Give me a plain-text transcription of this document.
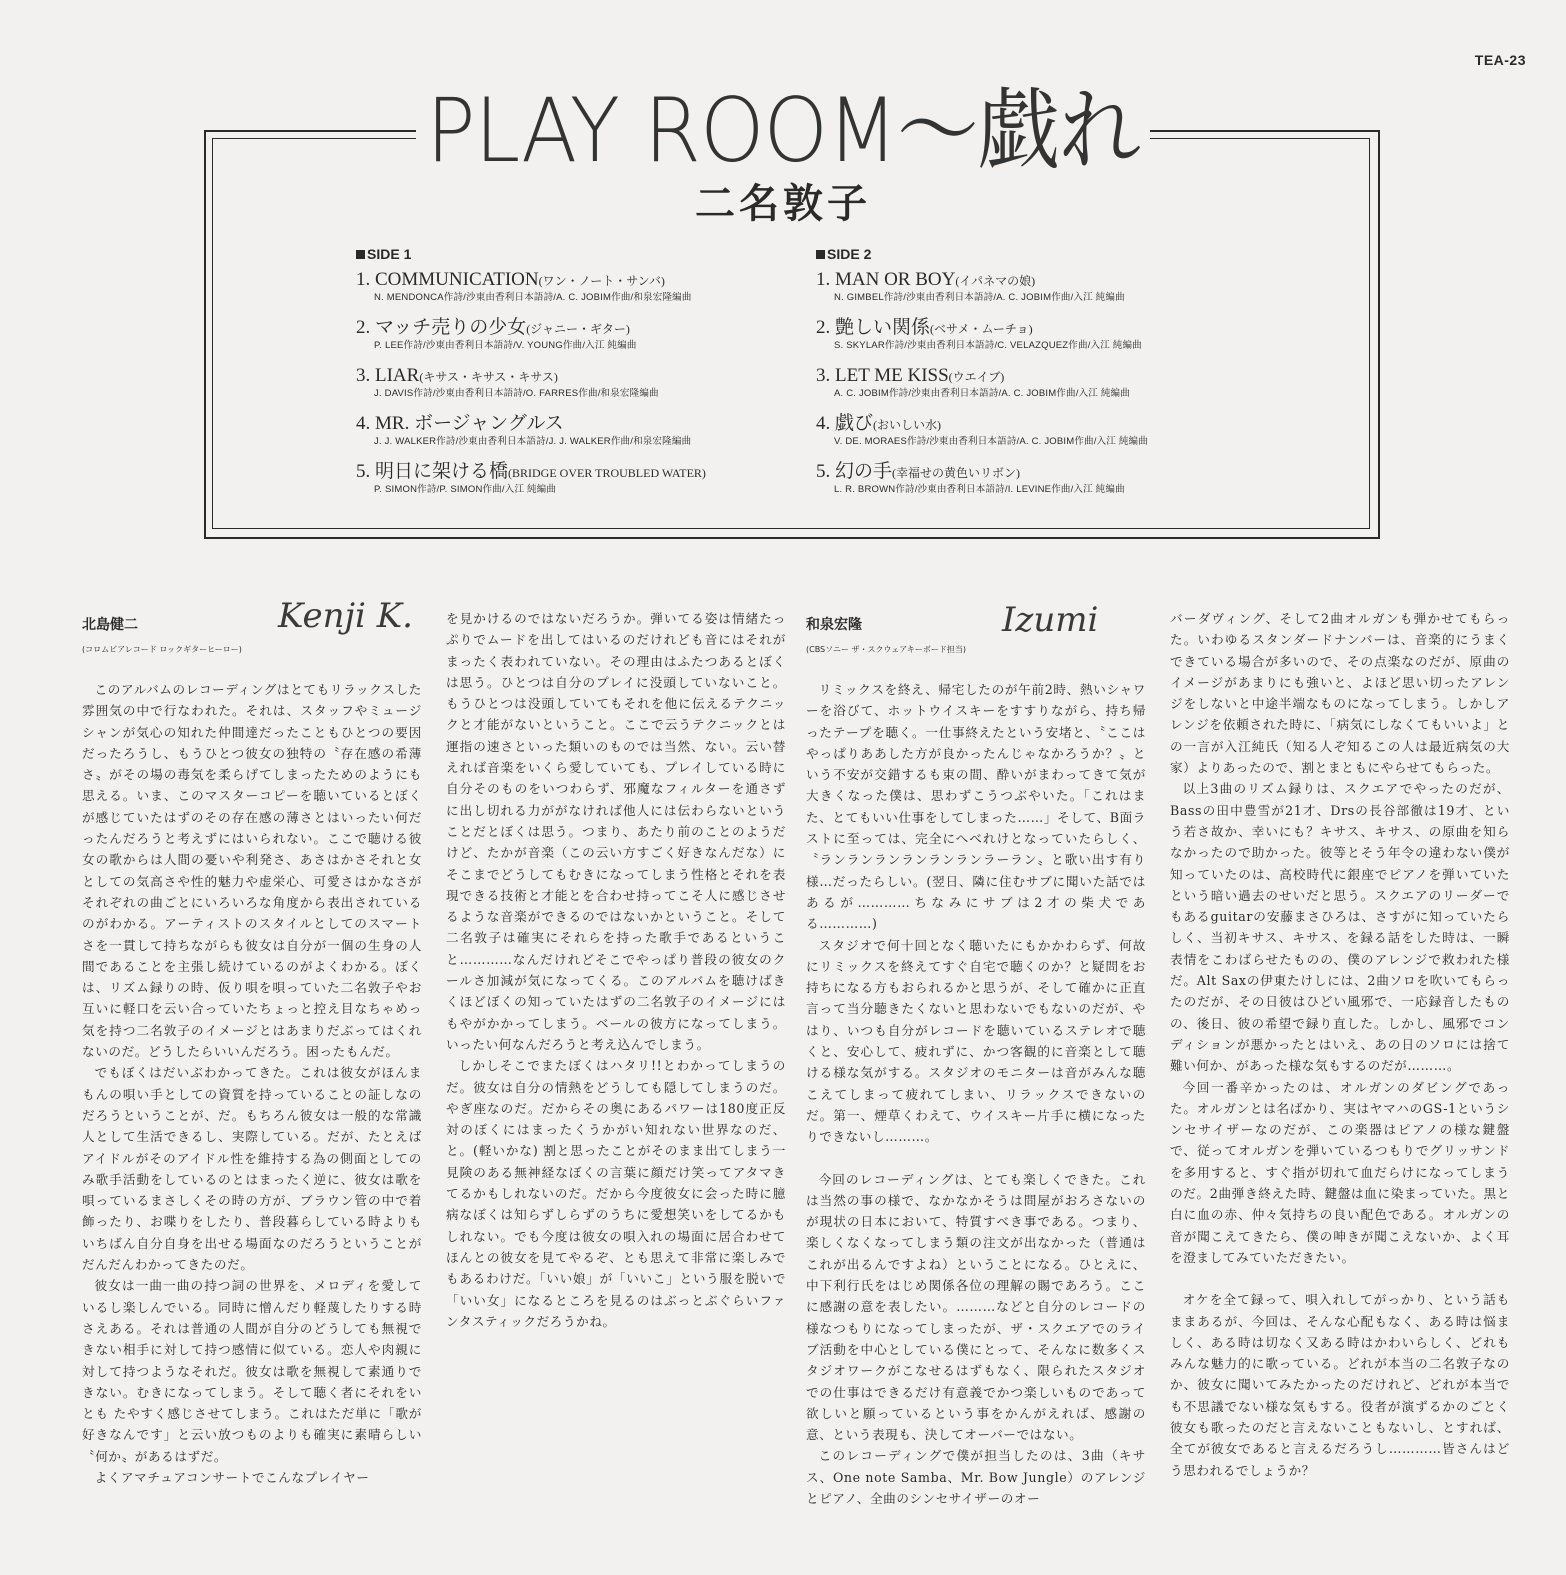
TEA-23
PLAY ROOM〜戯れ
二名敦子
SIDE 1
1. COMMUNICATION(ワン・ノート・サンバ)
N. MENDONCA作詩/沙東由香利日本語詩/A. C. JOBIM作曲/和泉宏隆編曲
2. マッチ売りの少女(ジャニー・ギター)
P. LEE作詩/沙東由香利日本語詩/V. YOUNG作曲/入江 純編曲
3. LIAR(キサス・キサス・キサス)
J. DAVIS作詩/沙東由香利日本語詩/O. FARRES作曲/和泉宏隆編曲
4. MR. ボージャングルス
J. J. WALKER作詩/沙東由香利日本語詩/J. J. WALKER作曲/和泉宏隆編曲
5. 明日に架ける橋(BRIDGE OVER TROUBLED WATER)
P. SIMON作詩/P. SIMON作曲/入江 純編曲
SIDE 2
1. MAN OR BOY(イパネマの娘)
N. GIMBEL作詩/沙東由香利日本語詩/A. C. JOBIM作曲/入江 純編曲
2. 艶しい関係(ベサメ・ムーチョ)
S. SKYLAR作詩/沙東由香利日本語詩/C. VELAZQUEZ作曲/入江 純編曲
3. LET ME KISS(ウエイブ)
A. C. JOBIM作詩/沙東由香利日本語詩/A. C. JOBIM作曲/入江 純編曲
4. 戯び(おいしい水)
V. DE. MORAES作詩/沙東由香利日本語詩/A. C. JOBIM作曲/入江 純編曲
5. 幻の手(幸福せの黄色いリボン)
L. R. BROWN作詩/沙東由香利日本語詩/I. LEVINE作曲/入江 純編曲
北島健二
(コロムビアレコード ロックギターヒーロー)
Kenji K.

このアルバムのレコーディングはとてもリラックスした雰囲気の中で行なわれた。それは、スタッフやミュージシャンが気心の知れた仲間達だったこともひとつの要因だったろうし、もうひとつ彼女の独特の〝存在感の希薄さ〟がその場の毒気を柔らげてしまったためのようにも思える。いま、このマスターコピーを聴いているとぼくが感じていたはずのその存在感の薄さとはいったい何だったんだろうと考えずにはいられない。ここで聴ける彼女の歌からは人間の憂いや利発さ、あさはかさそれと女としての気高さや性的魅力や虚栄心、可愛さはかなさがそれぞれの曲ごとにいろいろな角度から表出されているのがわかる。アーティストのスタイルとしてのスマートさを一貫して持ちながらも彼女は自分が一個の生身の人間であることを主張し続けているのがよくわかる。ぼくは、リズム録りの時、仮り唄を唄っていた二名敦子やお互いに軽口を云い合っていたちょっと控え目なちゃめっ気を持つ二名敦子のイメージとはあまりだぶってはくれないのだ。どうしたらいいんだろう。困ったもんだ。

でもぼくはだいぶわかってきた。これは彼女がほんまもんの唄い手としての資質を持っていることの証しなのだろうということが、だ。もちろん彼女は一般的な常識人として生活できるし、実際している。だが、たとえばアイドルがそのアイドル性を維持する為の側面としてのみ歌手活動をしているのとはまったく逆に、彼女は歌を唄っているまさしくその時の方が、ブラウン管の中で着飾ったり、お喋りをしたり、普段暮らしている時よりもいちばん自分自身を出せる場面なのだろうということがだんだんわかってきたのだ。

彼女は一曲一曲の持つ詞の世界を、メロディを愛しているし楽しんでいる。同時に憎んだり軽蔑したりする時さえある。それは普通の人間が自分のどうしても無視できない相手に対して持つ感情に似ている。恋人や肉親に対して持つようなそれだ。彼女は歌を無視して素通りできない。むきになってしまう。そして聴く者にそれをいとも たやすく感じさせてしまう。これはただ単に「歌が好きなんです」と云い放つものよりも確実に素晴らしい〝何か〟があるはずだ。

よくアマチュアコンサートでこんなプレイヤー

を見かけるのではないだろうか。弾いてる姿は情緒たっぷりでムードを出してはいるのだけれども音にはそれがまったく表われていない。その理由はふたつあるとぼくは思う。ひとつは自分のプレイに没頭していないこと。もうひとつは没頭していてもそれを他に伝えるテクニックと才能がないということ。ここで云うテクニックとは運指の速さといった類いのものでは当然、ない。云い替えれば音楽をいくら愛していても、プレイしている時に自分そのものをいつわらず、邪魔なフィルターを通さずに出し切れる力ががなければ他人には伝わらないということだとぼくは思う。つまり、あたり前のことのようだけど、たかが音楽（この云い方すごく好きなんだな）にそこまでどうしてもむきになってしまう性格とそれを表現できる技術と才能とを合わせ持ってこそ人に感じさせるような音楽ができるのではないかということ。そして二名敦子は確実にそれらを持った歌手であるということ…………なんだけれどそこでやっぱり普段の彼女のクールさ加減が気になってくる。このアルバムを聴けばきくほどぼくの知っていたはずの二名敦子のイメージにはもやがかかってしまう。ベールの彼方になってしまう。いったい何なんだろうと考え込んでしまう。

しかしそこでまたぼくはハタリ!!とわかってしまうのだ。彼女は自分の情熱をどうしても隠してしまうのだ。やぎ座なのだ。だからその奥にあるパワーは180度正反対のぼくにはまったくうかがい知れない世界なのだ、と。(軽いかな) 割と思ったことがそのまま出てしまう一見険のある無神経なぼくの言葉に顔だけ笑ってアタマきてるかもしれないのだ。だから今度彼女に会った時に臆病なぼくは知らずしらずのうちに愛想笑いをしてるかもしれない。でも今度は彼女の唄入れの場面に居合わせてほんとの彼女を見てやるぞ、とも思えて非常に楽しみでもあるわけだ。「いい娘」が「いいこ」という服を脱いで「いい女」になるところを見るのはぶっとぶぐらいファンタスティックだろうかね。

和泉宏隆
(CBSソニー ザ・スクウェアキーボード担当)
Izumi

リミックスを終え、帰宅したのが午前2時、熱いシャワーを浴びて、ホットウイスキーをすすりながら、持ち帰ったテープを聴く。一仕事終えたという安堵と、〝ここはやっぱりああした方が良かったんじゃなかろうか？〟という不安が交錯するも束の間、酔いがまわってきて気が大きくなった僕は、思わずこうつぶやいた。「これはまた、とてもいい仕事をしてしまった……」そして、B面ラストに至っては、完全にへべれけとなっていたらしく、〝ランランランランランランラーラン〟と歌い出す有り様…だったらしい。(翌日、隣に住むサブに聞いた話ではあるが…………ちなみにサブは2才の柴犬である…………)

スタジオで何十回となく聴いたにもかかわらず、何故にリミックスを終えてすぐ自宅で聴くのか？と疑問をお持ちになる方もおられるかと思うが、そして確かに正直言って当分聴きたくないと思わないでもないのだが、やはり、いつも自分がレコードを聴いているステレオで聴くと、安心して、疲れずに、かつ客観的に音楽として聴ける様な気がする。スタジオのモニターは音がみんな聴こえてしまって疲れてしまい、リラックスできないのだ。第一、煙草くわえて、ウイスキー片手に横になったりできないし………。

今回のレコーディングは、とても楽しくできた。これは当然の事の様で、なかなかそうは問屋がおろさないのが現状の日本において、特質すべき事である。つまり、楽しくなくなってしまう類の注文が出なかった（普通はこれが出るんですよね）ということになる。ひとえに、中下利行氏をはじめ関係各位の理解の賜であろう。ここに感謝の意を表したい。………などと自分のレコードの様なつもりになってしまったが、ザ・スクエアでのライブ活動を中心としている僕にとって、そんなに数多くスタジオワークがこなせるはずもなく、限られたスタジオでの仕事はできるだけ有意義でかつ楽しいものであって欲しいと願っているという事をかんがえれば、感謝の意、という表現も、決してオーバーではない。

このレコーディングで僕が担当したのは、3曲（キサス、One note Samba、Mr. Bow Jungle）のアレンジとピアノ、全曲のシンセサイザーのオー

バーダヴィング、そして2曲オルガンも弾かせてもらった。いわゆるスタンダードナンバーは、音楽的にうまくできている場合が多いので、その点楽なのだが、原曲のイメージがあまりにも強いと、よほど思い切ったアレンジをしないと中途半端なものになってしまう。しかしアレンジを依頼された時に、「病気にしなくてもいいよ」との一言が入江純氏（知る人ぞ知るこの人は最近病気の大家）よりあったので、割とまともにやらせてもらった。

以上3曲のリズム録りは、スクエアでやったのだが、Bassの田中豊雪が21才、Drsの長谷部徹は19才、という若さ故か、幸いにも？キサス、キサス、の原曲を知らなかったので助かった。彼等とそう年令の違わない僕が知っていたのは、高校時代に銀座でピアノを弾いていたという暗い過去のせいだと思う。スクエアのリーダーでもあるguitarの安藤まさひろは、さすがに知っていたらしく、当初キサス、キサス、を録る話をした時は、一瞬表情をこわばらせたものの、僕のアレンジで救われた様だ。Alt Saxの伊東たけしには、2曲ソロを吹いてもらったのだが、その日彼はひどい風邪で、一応録音したものの、後日、彼の希望で録り直した。しかし、風邪でコンディションが悪かったとはいえ、あの日のソロには捨て難い何か、があった様な気もするのだが………。

今回一番辛かったのは、オルガンのダビングであった。オルガンとは名ばかり、実はヤマハのGS-1というシンセサイザーなのだが、この楽器はピアノの様な鍵盤で、従ってオルガンを弾いているつもりでグリッサンドを多用すると、すぐ指が切れて血だらけになってしまうのだ。2曲弾き終えた時、鍵盤は血に染まっていた。黒と白に血の赤、仲々気持ちの良い配色である。オルガンの音が聞こえてきたら、僕の呻きが聞こえないか、よく耳を澄ましてみていただきたい。

オケを全て録って、唄入れしてがっかり、という話もままあるが、今回は、そんな心配もなく、ある時は悩ましく、ある時は切なく又ある時はかわいらしく、どれもみんな魅力的に歌っている。どれが本当の二名敦子なのか、彼女に聞いてみたかったのだけれど、どれが本当でも不思議でない様な気もする。役者が演ずるかのごとく彼女も歌ったのだと言えないこともないし、とすれば、全てが彼女であると言えるだろうし…………皆さんはどう思われるでしょうか？
